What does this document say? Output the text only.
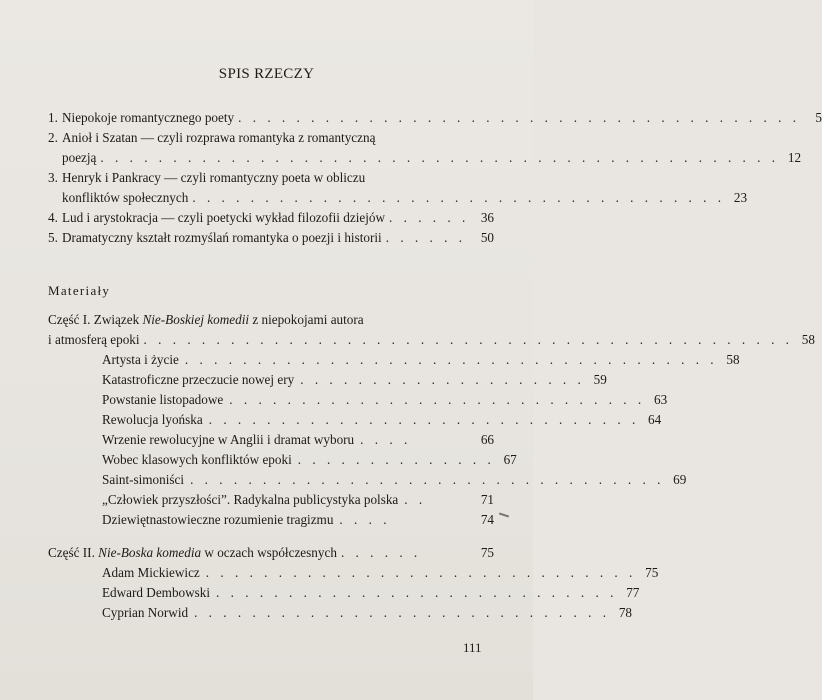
SPIS RZECZY
1. Niepokoje romantycznego poety . . . . . . . . . . . . . . . . . . . . . . . . . . . . . . . . . . . . . . .	5
2. Anioł i Szatan — czyli rozprawa romantyka z romantyczną
poezją . . . . . . . . . . . . . . . . . . . . . . . . . . . . . . . . . . . . . . . . . . . . . . . 12
3. Henryk i Pankracy — czyli romantyczny poeta w obliczu
konfliktów społecznych . . . . . . . . . . . . . . . . . . . . . . . . . . . . . . . . . . . . . 23
4. Lud i arystokracja — czyli poetycki wykład filozofii dziejów . . . . . . 36
5. Dramatyczny kształt rozmyślań romantyka o poezji i historii . . . . . .	50
Materiały
Część I. Związek Nie-Boskiej komedii z niepokojami autora
i atmosferą epoki . . . . . . . . . . . . . . . . . . . . . . . . . . . . . . . . . . . . . . . . . . . . . 58
Artysta i życie . . . . . . . . . . . . . . . . . . . . . . . . . . . . . . . . . . . . . 58
Katastroficzne przeczucie nowej ery . . . . . . . . . . . . . . . . . . . . 59
Powstanie listopadowe . . . . . . . . . . . . . . . . . . . . . . . . . . . . . 63
Rewolucja lyońska . . . . . . . . . . . . . . . . . . . . . . . . . . . . . . 64
Wrzenie rewolucyjne w Anglii i dramat wyboru . . . .	66
Wobec klasowych konfliktów epoki . . . . . . . . . . . . . . 67
Saint-simoniści . . . . . . . . . . . . . . . . . . . . . . . . . . . . . . . . . 69
„Człowiek przyszłości”. Radykalna publicystyka polska . .	71
Dziewiętnastowieczne rozumienie tragizmu . . . .	74
Część II. Nie-Boska komedia w oczach współczesnych . . . . . .	75
Adam Mickiewicz . . . . . . . . . . . . . . . . . . . . . . . . . . . . . . 75
Edward Dembowski . . . . . . . . . . . . . . . . . . . . . . . . . . . . 77
Cyprian Norwid . . . . . . . . . . . . . . . . . . . . . . . . . . . . . 78
111
